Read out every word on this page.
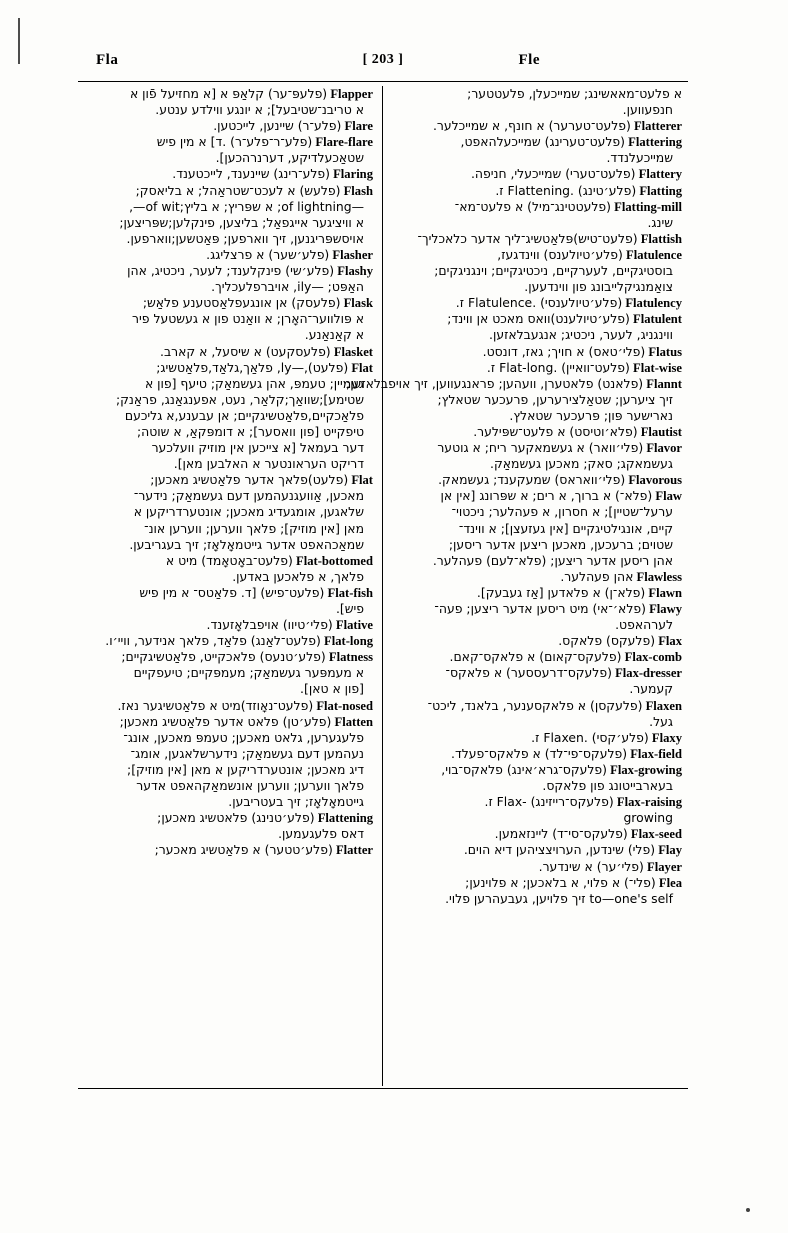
Fla	[ 203 ]	Fle
Flapper (פלעפּ־ער) קלאַפּ א [א מחזיעל פֿון א
א טריבנ־שטיבעל]; א יונגע ווילדע ענטע.
Flare (פלע־ר) שיינען, לייכטען.
Flare-flare (פלע־ר־פלע־ר) .ד] א מין פיש
שטאַכעלדיקע, דערנרהכען].
Flaring (פלע־רינג) שיינענד, לייכטענד.
Flash (פלעש) א לעכט־שטראַהל; א בליאסק;
—of lightning; א שפּריץ; א בליץ;of wit—,
א וויציגער אייגפאַל; בליצען, פינקלען;שפּריצען;
אויסשפּריגנען, זיך ווארפען; פּאַטשען;ווארפען.
Flasher (פלע׳שער) א פרצליגג.
Flashy (פלע׳שי) פינקלענד; לעער, ניכטיג, אהן
האַפּט; —ily, אויברפלעכליך.
Flask (פלעסק) אן אונגעפלאַסטענע פלאַש;
א פּולווער־האָרן; א וואַנט פון א געשטעל פיר
א קאַנאַנע.
Flasket (פלעסקעט) א שיסעל, א קארב.
Flat (פלעט),—ly, פלאַך,גלאַד,פלאַטשיג;
געמיין; טעמפּ, אהן געשמאַק; טיעף [פון א
שטימע];שוואַך;קלאַר, נעט, אפענגאַנג, פראַנק;
פלאַכקיים,פלאַטשיגקיים; אן עבענע,א גליכעם
טיפקייט [פון וואסער]; א דומפּקאַ, א שוטה;
דער בעמאל [א צייכען אין מוזיק וועלכער
דריקט העראונטער א האלבען מאן].
Flat (פלעט)פלאך אדער פלאַטשיג מאכען;
מאכען, אַוועגנעהמען דעם געשמאַק; נידער־
שלאגען, אומגעדיג מאכען; אונטערדריקען א
מאן [אין מוזיק]; פלאך ווערען; ווערען אונ־
שמאַכהאפט אדער גייטמאָלאָז; זיך בעגריבען.
Flat-bottomed (פלעט־באָטאָמד) מיט א
פלאך, א פלאכען באדען.
Flat-fish (פלעט־פיש) [ד. פלאַטס־ א מין פיש
פיש].
Flative (פלי׳טיוו) אויפבלאָזענד.
Flat-long (פלעט־לאַנג) פלאַד, פלאך אנידער, וויי׳ו.
Flatness (פלע׳טנעס) פלאכקייט, פלאַטשיגקיים;
א מעמפּער געשמאַק; מעמפּקיים; טיעפקיים
[פון א טאן].
Flat-nosed (פלעט־נאָוזד)מיט א פלאַטשיגער נאז.
Flatten (פלע׳טן) פלאט אדער פלאַטשיג מאכען;
פלעגערען, גלאט מאכען; טעמפּ מאכען, אונג־
נעהמען דעם געשמאַק; נידערשלאגען, אומג־
דיג מאכען; אונטערדריקען א מאן [אין מוזיק];
פלאך ווערען; ווערען אונשמאַקהאפט אדער
גייטמאָלאָז; זיך בעטריבען.
Flattening (פלע׳טנינג) פלאטשיג מאכען;
דאס פלעגעמען.
Flatter (פלע׳טטער) א פלאַטשיג מאכער;
א פלעט־מאאשינג; שמייכעלן, פלעטטער;
חנפעווען.
Flatterer (פלעט־טערער) א חונף, א שמייכלער.
Flattering (פלעט־טערינג) שמייכעלהאפט,
שמייכעלנדד.
Flattery (פלעט־טערי) שמייכעלי, חניפה.
Flatting (פלע׳טינג) .Flattening ז.
Flatting-mill (פלעטטינג־מיל) א פלעט־מא־
שינג.
Flattish (פלעט־טיש)פּלאַטשיג־ליך אדער כלאכליך־
Flatulence (פלע׳טיולענס) ווינדגעז,
בוסטיגקיים, לעערקיים, ניכטיגקיים; וינגניגקים;
צואַמנגיקלייבונג פון ווינדעען.
Flatulency (פלע׳טיולענסי) .Flatulence ז.
Flatulent (פלע׳טיולענט)וואס מאכט אן ווינד;
ווינגניג, לעער, ניכטיג; אנגעבלאזען.
Flatus (פלי׳טאס) א חויך; גאז, דונסט.
Flat-wise (פלעט־וואיין) .Flat-long ז.
Flannt (פלאנט) פלאטערן, וועהען; פראנגעווען, זיך אויפבלאזען;
זיך ציערען; שטאַלצירערען, פרעכער שטאלץ;
נארישער פּון; פּרעכער שטאלץ.
Flautist (פלא׳וטיסט) א פלעט־שפּילער.
Flavor (פלי׳וואר) א געשמאקער ריח; א גוטער
געשמאקג; סאק; מאכען געשמאַק.
Flavorous (פלי׳וואראס) שמעקענד; געשמאק.
Flaw (פלא־) א ברוך, א רים; א שפּרונג [אין אן
ערעל־שטיין]; א חסרון, א פעהלער; ניכטוי־
קיים, אונגילטיגקיים [אין געזעצן]; א ווינד־
שטוים; ברעכען, מאכען ריצען אדער ריסען;
אהן ריסען אדער ריצען; (פלא־לעם) פעהלער.
Flawless אהן פעהלער.
Flawn (פלא־ן) א פלאדען [אַז געבעק].
Flawy (פלא׳־אי) מיט ריסען אדער ריצען; פעה־
לערהאפט.
Flax (פלעקס) פלאקס.
Flax-comb (פלעקס־קאום) א פלאקס־קאם.
Flax-dresser (פלעקס־דרעססער) א פלאקס־
קעמער.
Flaxen (פלעקסן) א פלאקסענער, בלאנד, ליכט־
געל.
Flaxy (פלע׳קסי) .Flaxen ז.
Flax-field (פלעקס־פי־לד) א פלאקס־פעלד.
Flax-growing (פלעקס־גרא׳אינג) פלאקס־בוי,
בעארבייטונג פון פלאקס.
Flax-raising (פלעקס־רייזינג) -Flax ז.
growing
Flax-seed (פלעקס־סי־ד) ליינזאמען.
Flay (פלי) שינדען, הערויצציהען דיא הוים.
Flayer (פלי׳ער) א שינדער.
Flea (פלי־) א פלוי, א בלאכען; א פלוינען;
to—one's self זיך פלויען, געבעהרען פלוי.
